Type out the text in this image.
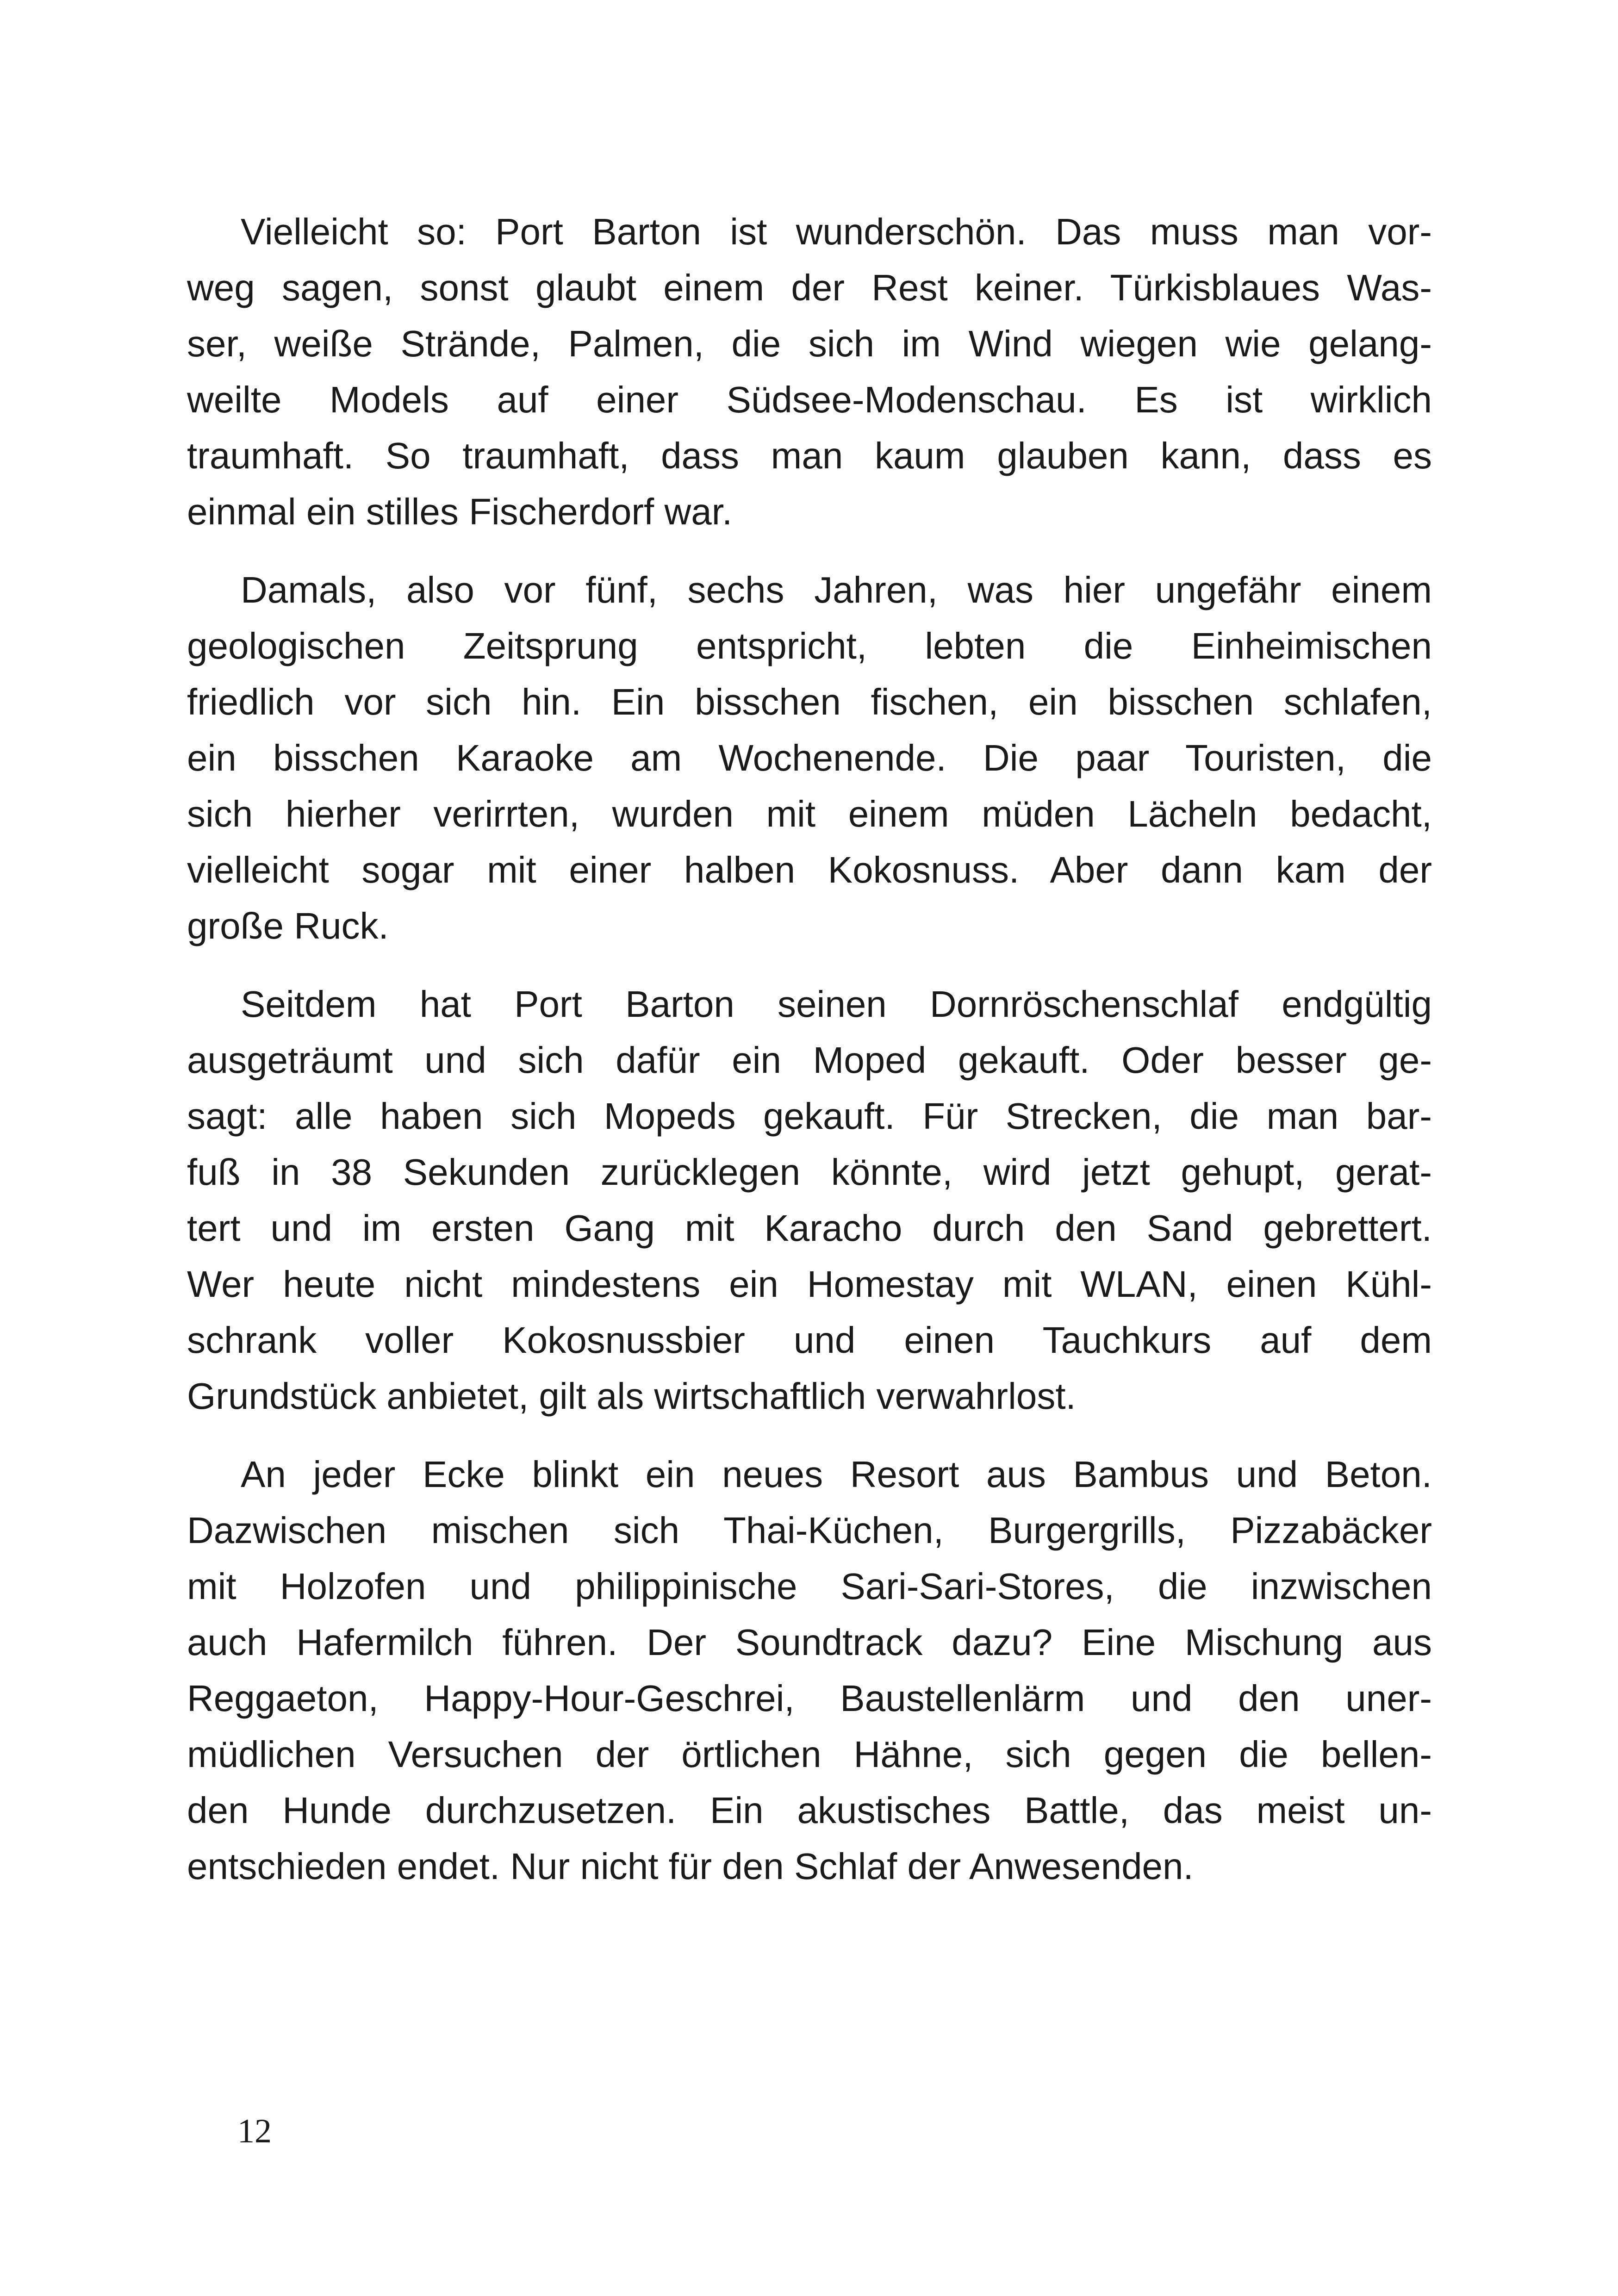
Vielleicht so: Port Barton ist wunderschön. Das muss man vor-
weg sagen, sonst glaubt einem der Rest keiner. Türkisblaues Was-
ser, weiße Strände, Palmen, die sich im Wind wiegen wie gelang-
weilte Models auf einer Südsee-Modenschau. Es ist wirklich
traumhaft. So traumhaft, dass man kaum glauben kann, dass es
einmal ein stilles Fischerdorf war.

Damals, also vor fünf, sechs Jahren, was hier ungefähr einem
geologischen Zeitsprung entspricht, lebten die Einheimischen
friedlich vor sich hin. Ein bisschen fischen, ein bisschen schlafen,
ein bisschen Karaoke am Wochenende. Die paar Touristen, die
sich hierher verirrten, wurden mit einem müden Lächeln bedacht,
vielleicht sogar mit einer halben Kokosnuss. Aber dann kam der
große Ruck.

Seitdem hat Port Barton seinen Dornröschenschlaf endgültig
ausgeträumt und sich dafür ein Moped gekauft. Oder besser ge-
sagt: alle haben sich Mopeds gekauft. Für Strecken, die man bar-
fuß in 38 Sekunden zurücklegen könnte, wird jetzt gehupt, gerat-
tert und im ersten Gang mit Karacho durch den Sand gebrettert.
Wer heute nicht mindestens ein Homestay mit WLAN, einen Kühl-
schrank voller Kokosnussbier und einen Tauchkurs auf dem
Grundstück anbietet, gilt als wirtschaftlich verwahrlost.

An jeder Ecke blinkt ein neues Resort aus Bambus und Beton.
Dazwischen mischen sich Thai-Küchen, Burgergrills, Pizzabäcker
mit Holzofen und philippinische Sari-Sari-Stores, die inzwischen
auch Hafermilch führen. Der Soundtrack dazu? Eine Mischung aus
Reggaeton, Happy-Hour-Geschrei, Baustellenlärm und den uner-
müdlichen Versuchen der örtlichen Hähne, sich gegen die bellen-
den Hunde durchzusetzen. Ein akustisches Battle, das meist un-
entschieden endet. Nur nicht für den Schlaf der Anwesenden.

12
